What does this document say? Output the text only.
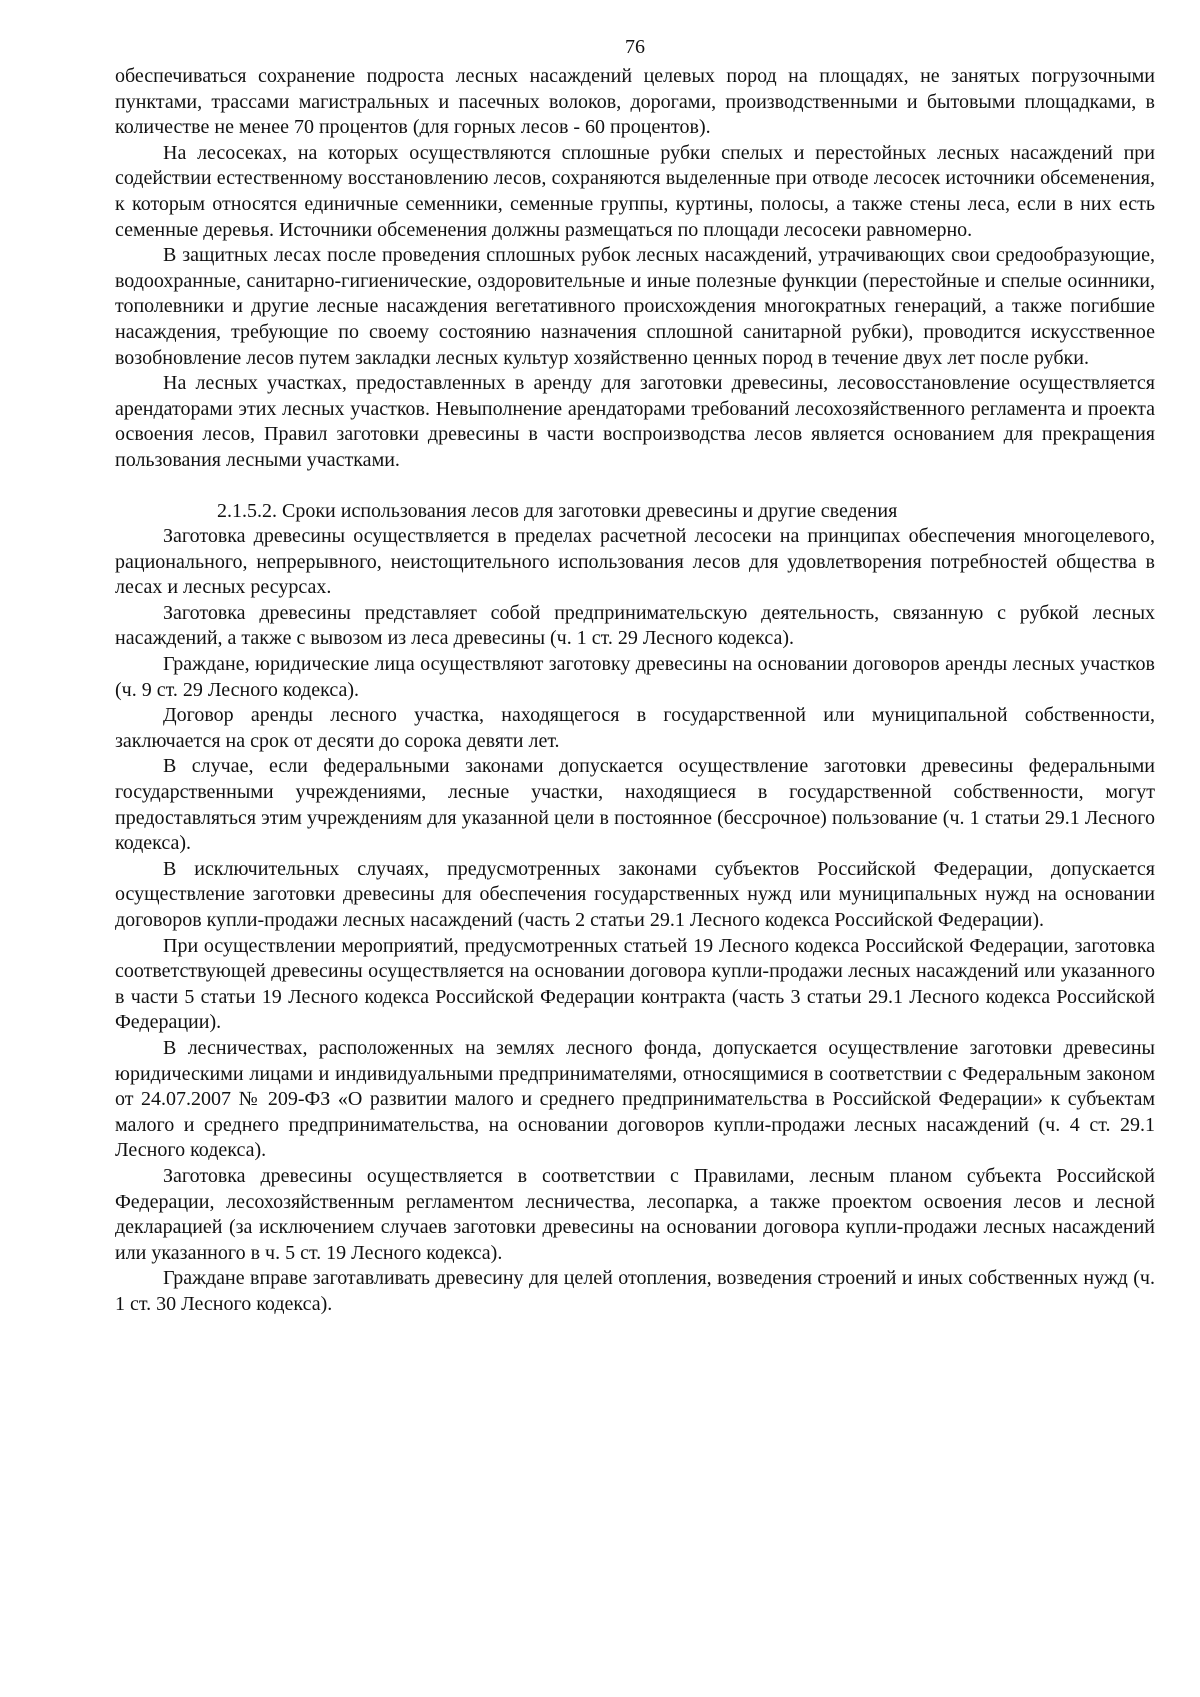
76

обеспечиваться сохранение подроста лесных насаждений целевых пород на площадях, не занятых погрузочными пунктами, трассами магистральных и пасечных волоков, дорогами, производственными и бытовыми площадками, в количестве не менее 70 процентов (для горных лесов - 60 процентов).

На лесосеках, на которых осуществляются сплошные рубки спелых и перестойных лесных насаждений при содействии естественному восстановлению лесов, сохраняются выделенные при отводе лесосек источники обсеменения, к которым относятся единичные семенники, семенные группы, куртины, полосы, а также стены леса, если в них есть семенные деревья. Источники обсеменения должны размещаться по площади лесосеки равномерно.

В защитных лесах после проведения сплошных рубок лесных насаждений, утрачивающих свои средообразующие, водоохранные, санитарно-гигиенические, оздоровительные и иные полезные функции (перестойные и спелые осинники, тополевники и другие лесные насаждения вегетативного происхождения многократных генераций, а также погибшие насаждения, требующие по своему состоянию назначения сплошной санитарной рубки), проводится искусственное возобновление лесов путем закладки лесных культур хозяйственно ценных пород в течение двух лет после рубки.

На лесных участках, предоставленных в аренду для заготовки древесины, лесовосстановление осуществляется арендаторами этих лесных участков. Невыполнение арендаторами требований лесохозяйственного регламента и проекта освоения лесов, Правил заготовки древесины в части воспроизводства лесов является основанием для прекращения пользования лесными участками.

2.1.5.2. Сроки использования лесов для заготовки древесины и другие сведения

Заготовка древесины осуществляется в пределах расчетной лесосеки на принципах обеспечения многоцелевого, рационального, непрерывного, неистощительного использования лесов для удовлетворения потребностей общества в лесах и лесных ресурсах.

Заготовка древесины представляет собой предпринимательскую деятельность, связанную с рубкой лесных насаждений, а также с вывозом из леса древесины (ч. 1 ст. 29 Лесного кодекса).

Граждане, юридические лица осуществляют заготовку древесины на основании договоров аренды лесных участков (ч. 9 ст. 29 Лесного кодекса).

Договор аренды лесного участка, находящегося в государственной или муниципальной собственности, заключается на срок от десяти до сорока девяти лет.

В случае, если федеральными законами допускается осуществление заготовки древесины федеральными государственными учреждениями, лесные участки, находящиеся в государственной собственности, могут предоставляться этим учреждениям для указанной цели в постоянное (бессрочное) пользование (ч. 1 статьи 29.1 Лесного кодекса).

В исключительных случаях, предусмотренных законами субъектов Российской Федерации, допускается осуществление заготовки древесины для обеспечения государственных нужд или муниципальных нужд на основании договоров купли-продажи лесных насаждений (часть 2 статьи 29.1 Лесного кодекса Российской Федерации).

При осуществлении мероприятий, предусмотренных статьей 19 Лесного кодекса Российской Федерации, заготовка соответствующей древесины осуществляется на основании договора купли-продажи лесных насаждений или указанного в части 5 статьи 19 Лесного кодекса Российской Федерации контракта (часть 3 статьи 29.1 Лесного кодекса Российской Федерации).

В лесничествах, расположенных на землях лесного фонда, допускается осуществление заготовки древесины юридическими лицами и индивидуальными предпринимателями, относящимися в соответствии с Федеральным законом от 24.07.2007 № 209-ФЗ «О развитии малого и среднего предпринимательства в Российской Федерации» к субъектам малого и среднего предпринимательства, на основании договоров купли-продажи лесных насаждений (ч. 4 ст. 29.1 Лесного кодекса).

Заготовка древесины осуществляется в соответствии с Правилами, лесным планом субъекта Российской Федерации, лесохозяйственным регламентом лесничества, лесопарка, а также проектом освоения лесов и лесной декларацией (за исключением случаев заготовки древесины на основании договора купли-продажи лесных насаждений или указанного в ч. 5 ст. 19 Лесного кодекса).

Граждане вправе заготавливать древесину для целей отопления, возведения строений и иных собственных нужд (ч. 1 ст. 30 Лесного кодекса).
